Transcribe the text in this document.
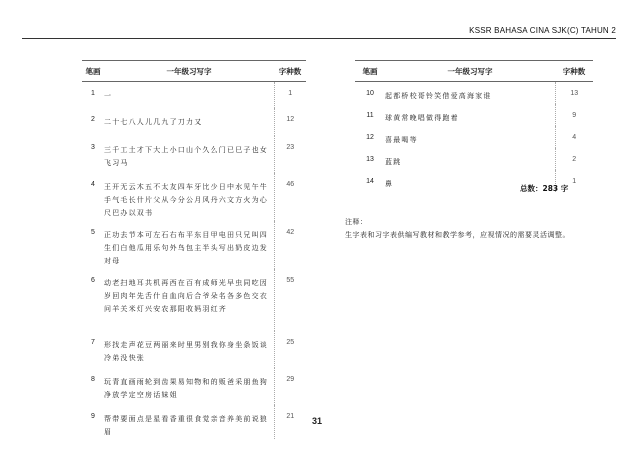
KSSR BAHASA CINA SJK(C) TAHUN 2
笔画	一年级习写字	字种数
1	一	1
2	二十七八人儿几九了刀力又	12
3	三千工土才下大上小口山个久么门已巳子也女飞习马	23
4	王开无云木五不太友四车牙比少日中水见午牛手气毛长什片父从今分公月风丹六文方火为心尺巴办以双书	46
5	正功去节本可左石右布平东目甲电田只兄叫四生们白他瓜用乐句外鸟包主半头写出奶皮边发对母	42
6	动老扫地耳共机再西在百有成师光早虫同吃因岁回肉年先舌什自血向后合爷朵名各多色交衣问羊关米灯兴安农那阳收妈羽红齐	55
7	形找走声花豆两丽来时里男别我你身坐条饭谈冷弟没快张	25
8	玩青直画雨轮到齿果易知物和的贩爸采朋鱼狗净放学定空房话妹姐	29
9	帮带要面点是星看香重很食觉亲音养美前说狼眉	21
笔画	一年级习写字	字种数
10	起都桥校哥铃笑借爱高海家谁	13
11	球黄常晚唱做得跑着	9
12	喜最喝等	4
13	蓝跳	2
14	鼻	1
总数：283 字
注释：
生字表和习字表供编写教材和教学参考，应视情况的需要灵活调整。
31
